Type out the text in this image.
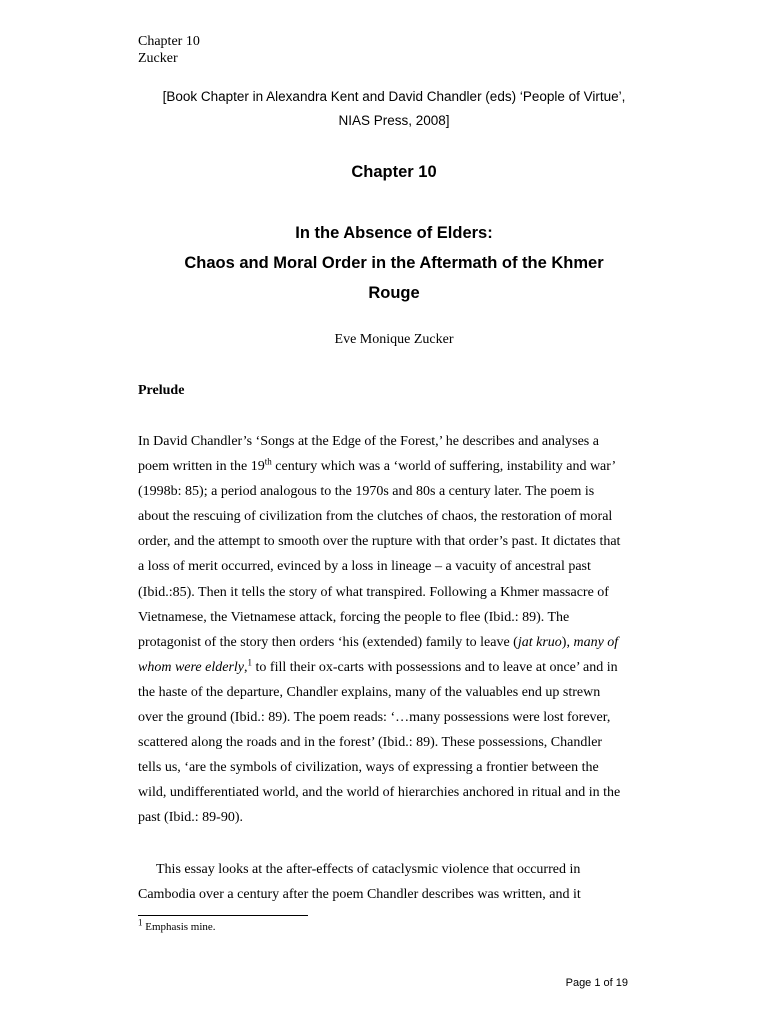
Chapter 10
Zucker
[Book Chapter in Alexandra Kent and David Chandler (eds) ‘People of Virtue’,
NIAS Press, 2008]
Chapter 10
In the Absence of Elders:
Chaos and Moral Order in the Aftermath of the Khmer
Rouge
Eve Monique Zucker
Prelude
In David Chandler’s ‘Songs at the Edge of the Forest,’ he describes and analyses a
poem written in the 19th century which was a ‘world of suffering, instability and war’
(1998b: 85); a period analogous to the 1970s and 80s a century later. The poem is
about the rescuing of civilization from the clutches of chaos, the restoration of moral
order, and the attempt to smooth over the rupture with that order’s past. It dictates that
a loss of merit occurred, evinced by a loss in lineage – a vacuity of ancestral past
(Ibid.:85). Then it tells the story of what transpired. Following a Khmer massacre of
Vietnamese, the Vietnamese attack, forcing the people to flee (Ibid.: 89). The
protagonist of the story then orders ‘his (extended) family to leave (jat kruo), many of
whom were elderly,$^1$ to fill their ox-carts with possessions and to leave at once’ and in
the haste of the departure, Chandler explains, many of the valuables end up strewn
over the ground (Ibid.: 89). The poem reads: ‘…many possessions were lost forever,
scattered along the roads and in the forest’ (Ibid.: 89). These possessions, Chandler
tells us, ‘are the symbols of civilization, ways of expressing a frontier between the
wild, undifferentiated world, and the world of hierarchies anchored in ritual and in the
past (Ibid.: 89-90).
This essay looks at the after-effects of cataclysmic violence that occurred in
Cambodia over a century after the poem Chandler describes was written, and it
$^1$ Emphasis mine.
Page 1 of 19
